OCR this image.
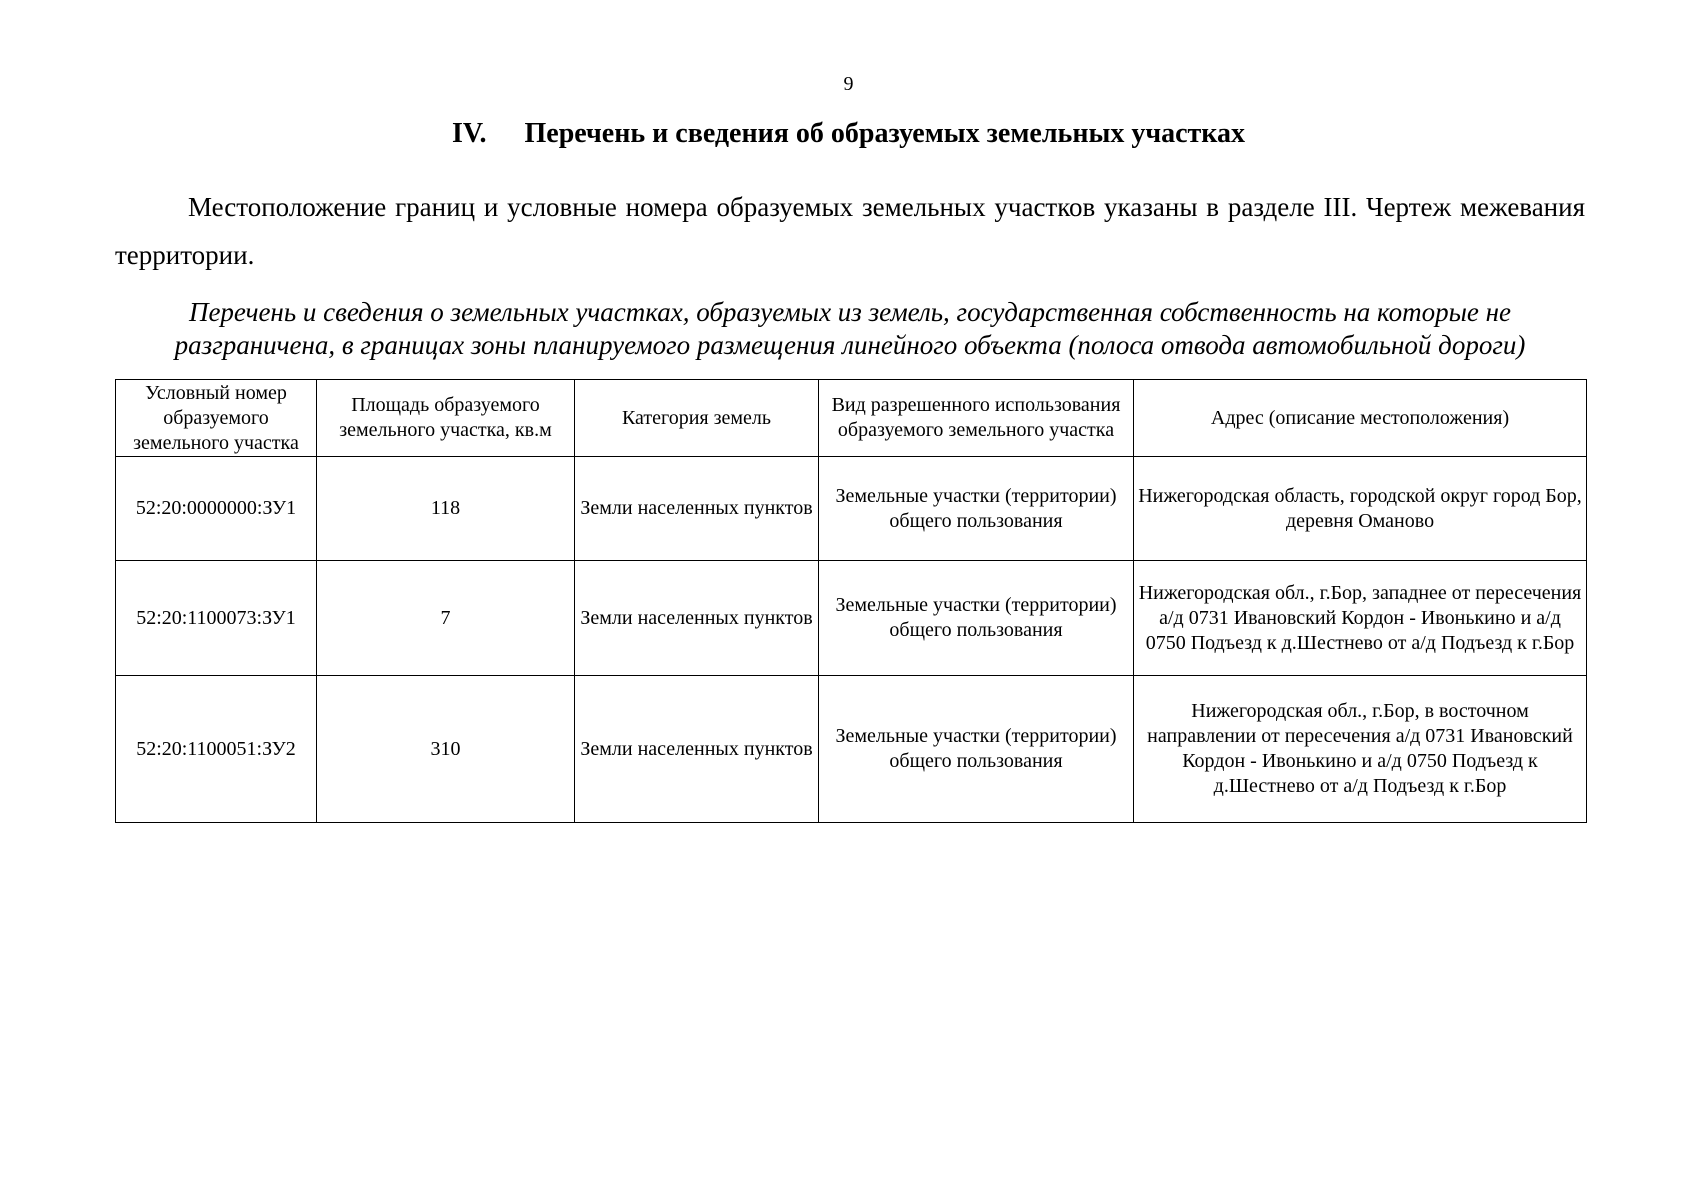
9
IV. Перечень и сведения об образуемых земельных участках

Местоположение границ и условные номера образуемых земельных участков указаны в разделе III. Чертеж межевания территории.

Перечень и сведения о земельных участках, образуемых из земель, государственная собственность на которые не разграничена, в границах зоны планируемого размещения линейного объекта (полоса отвода автомобильной дороги)

Условный номер образуемого земельного участка	Площадь образуемого земельного участка, кв.м	Категория земель	Вид разрешенного использования образуемого земельного участка	Адрес (описание местоположения)
52:20:0000000:ЗУ1	118	Земли населенных пунктов	Земельные участки (территории) общего пользования	Нижегородская область, городской округ город Бор, деревня Оманово
52:20:1100073:ЗУ1	7	Земли населенных пунктов	Земельные участки (территории) общего пользования	Нижегородская обл., г.Бор, западнее от пересечения а/д 0731 Ивановский Кордон - Ивонькино и а/д 0750 Подъезд к д.Шестнево от а/д Подъезд к г.Бор
52:20:1100051:ЗУ2	310	Земли населенных пунктов	Земельные участки (территории) общего пользования	Нижегородская обл., г.Бор, в восточном направлении от пересечения а/д 0731 Ивановский Кордон - Ивонькино и а/д 0750 Подъезд к д.Шестнево от а/д Подъезд к г.Бор
